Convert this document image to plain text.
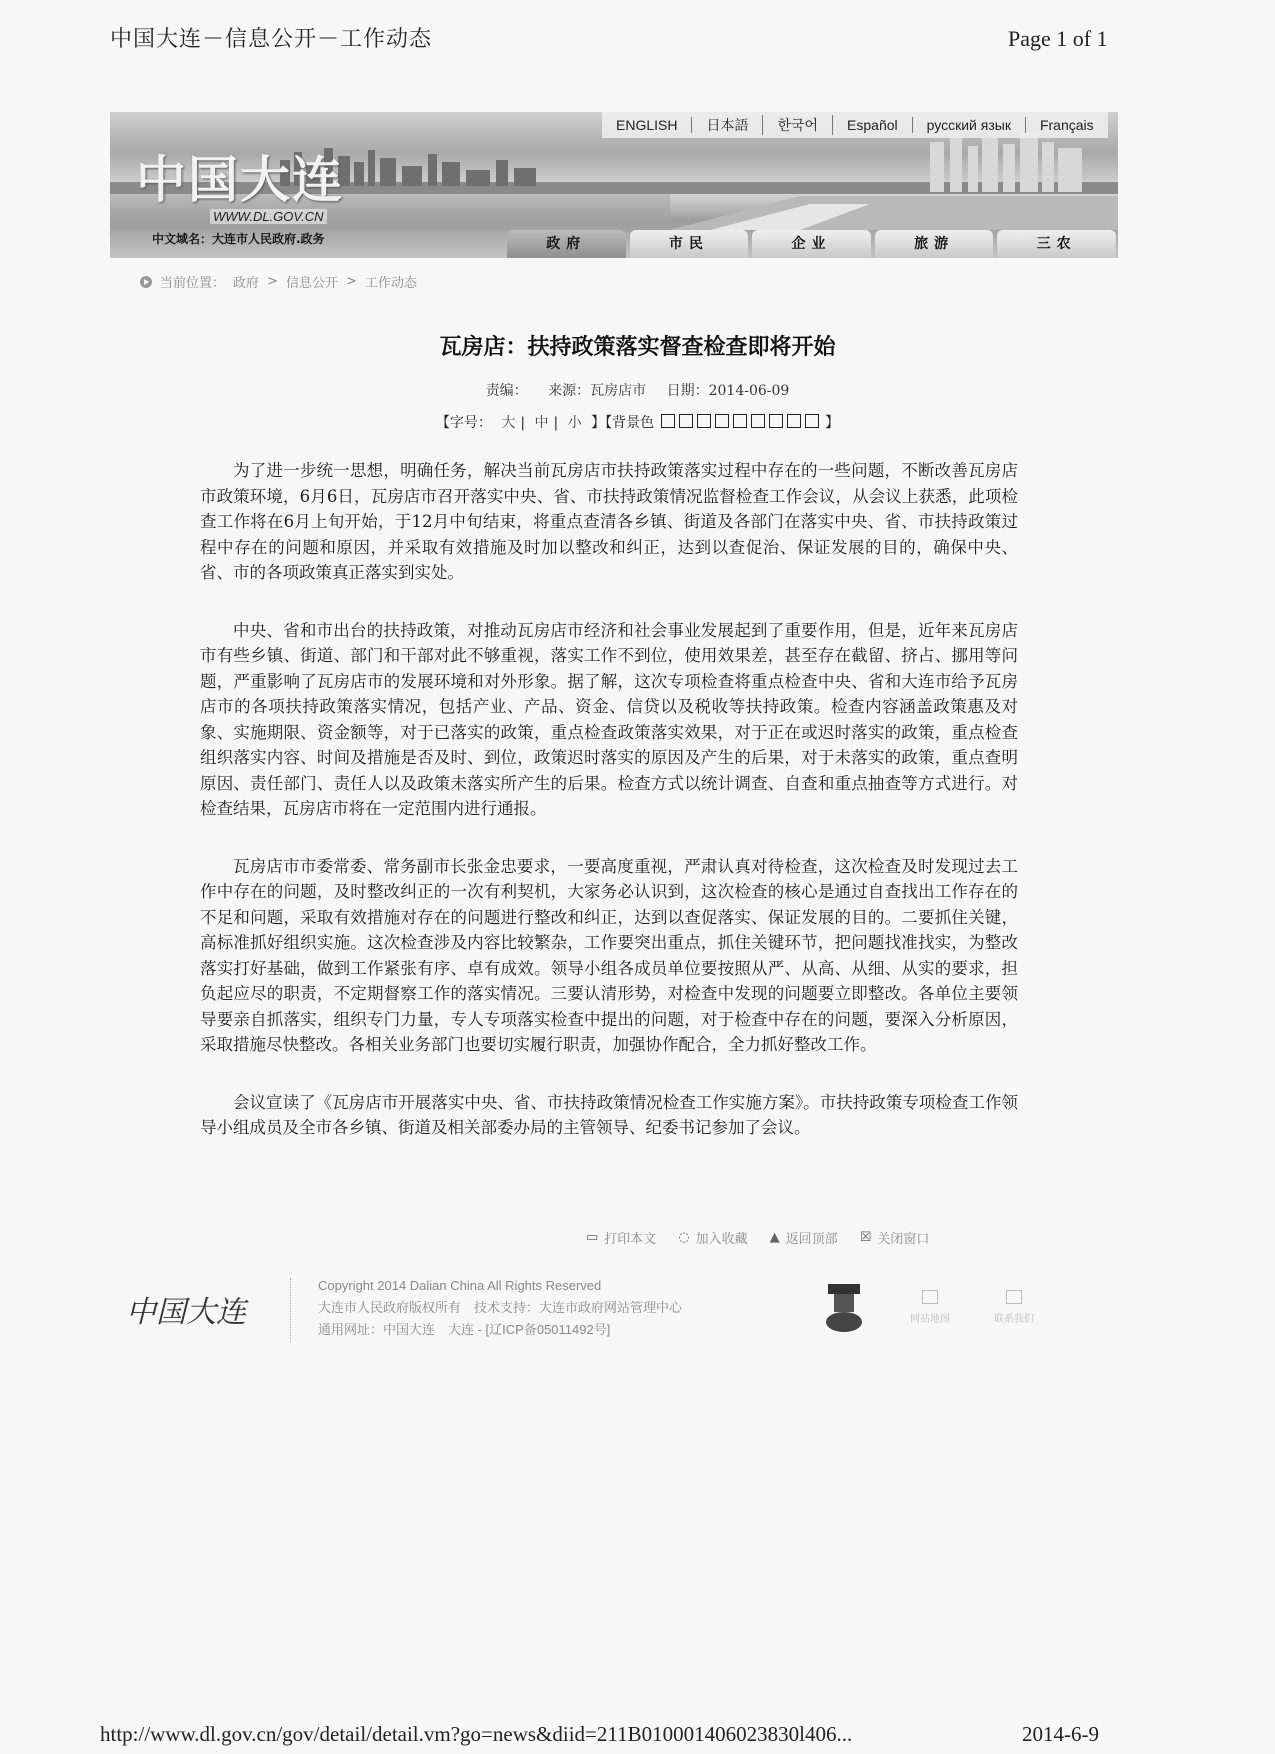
中国大连－信息公开－工作动态	Page 1 of 1
中国大连
WWW.DL.GOV.CN
中文域名：大连市人民政府.政务
ENGLISH	日本語	한국어	Español	русский язык	Français
政府	市民	企业	旅游	三农
当前位置： 政府 > 信息公开 > 工作动态
瓦房店：扶持政策落实督查检查即将开始
责编： 来源：瓦房店市 日期：2014-06-09
【字号： 大 | 中 | 小 】【背景色	】

为了进一步统一思想，明确任务，解决当前瓦房店市扶持政策落实过程中存在的一些问题，不断改善瓦房店市政策环境，6月6日，瓦房店市召开落实中央、省、市扶持政策情况监督检查工作会议，从会议上获悉，此项检查工作将在6月上旬开始，于12月中旬结束，将重点查清各乡镇、街道及各部门在落实中央、省、市扶持政策过程中存在的问题和原因，并采取有效措施及时加以整改和纠正，达到以查促治、保证发展的目的，确保中央、省、市的各项政策真正落实到实处。

中央、省和市出台的扶持政策，对推动瓦房店市经济和社会事业发展起到了重要作用，但是，近年来瓦房店市有些乡镇、街道、部门和干部对此不够重视，落实工作不到位，使用效果差，甚至存在截留、挤占、挪用等问题，严重影响了瓦房店市的发展环境和对外形象。据了解，这次专项检查将重点检查中央、省和大连市给予瓦房店市的各项扶持政策落实情况，包括产业、产品、资金、信贷以及税收等扶持政策。检查内容涵盖政策惠及对象、实施期限、资金额等，对于已落实的政策，重点检查政策落实效果，对于正在或迟时落实的政策，重点检查组织落实内容、时间及措施是否及时、到位，政策迟时落实的原因及产生的后果，对于未落实的政策，重点查明原因、责任部门、责任人以及政策未落实所产生的后果。检查方式以统计调查、自查和重点抽查等方式进行。对检查结果，瓦房店市将在一定范围内进行通报。

瓦房店市市委常委、常务副市长张金忠要求，一要高度重视，严肃认真对待检查，这次检查及时发现过去工作中存在的问题，及时整改纠正的一次有利契机，大家务必认识到，这次检查的核心是通过自查找出工作存在的不足和问题，采取有效措施对存在的问题进行整改和纠正，达到以查促落实、保证发展的目的。二要抓住关键，高标准抓好组织实施。这次检查涉及内容比较繁杂，工作要突出重点，抓住关键环节，把问题找准找实，为整改落实打好基础，做到工作紧张有序、卓有成效。领导小组各成员单位要按照从严、从高、从细、从实的要求，担负起应尽的职责，不定期督察工作的落实情况。三要认清形势，对检查中发现的问题要立即整改。各单位主要领导要亲自抓落实，组织专门力量，专人专项落实检查中提出的问题，对于检查中存在的问题，要深入分析原因，采取措施尽快整改。各相关业务部门也要切实履行职责，加强协作配合，全力抓好整改工作。

会议宣读了《瓦房店市开展落实中央、省、市扶持政策情况检查工作实施方案》。市扶持政策专项检查工作领导小组成员及全市各乡镇、街道及相关部委办局的主管领导、纪委书记参加了会议。

▭ 打印本文 ◌ 加入收藏 ▲ 返回顶部 ☒ 关闭窗口
中国大连
Copyright 2014 Dalian China All Rights Reserved
大连市人民政府版权所有　技术支持：大连市政府网站管理中心
通用网址：中国大连　大连 - [辽ICP备05011492号]
网站地图	联系我们
http://www.dl.gov.cn/gov/detail/detail.vm?go=news&diid=211B010001406023830l406...	2014-6-9
